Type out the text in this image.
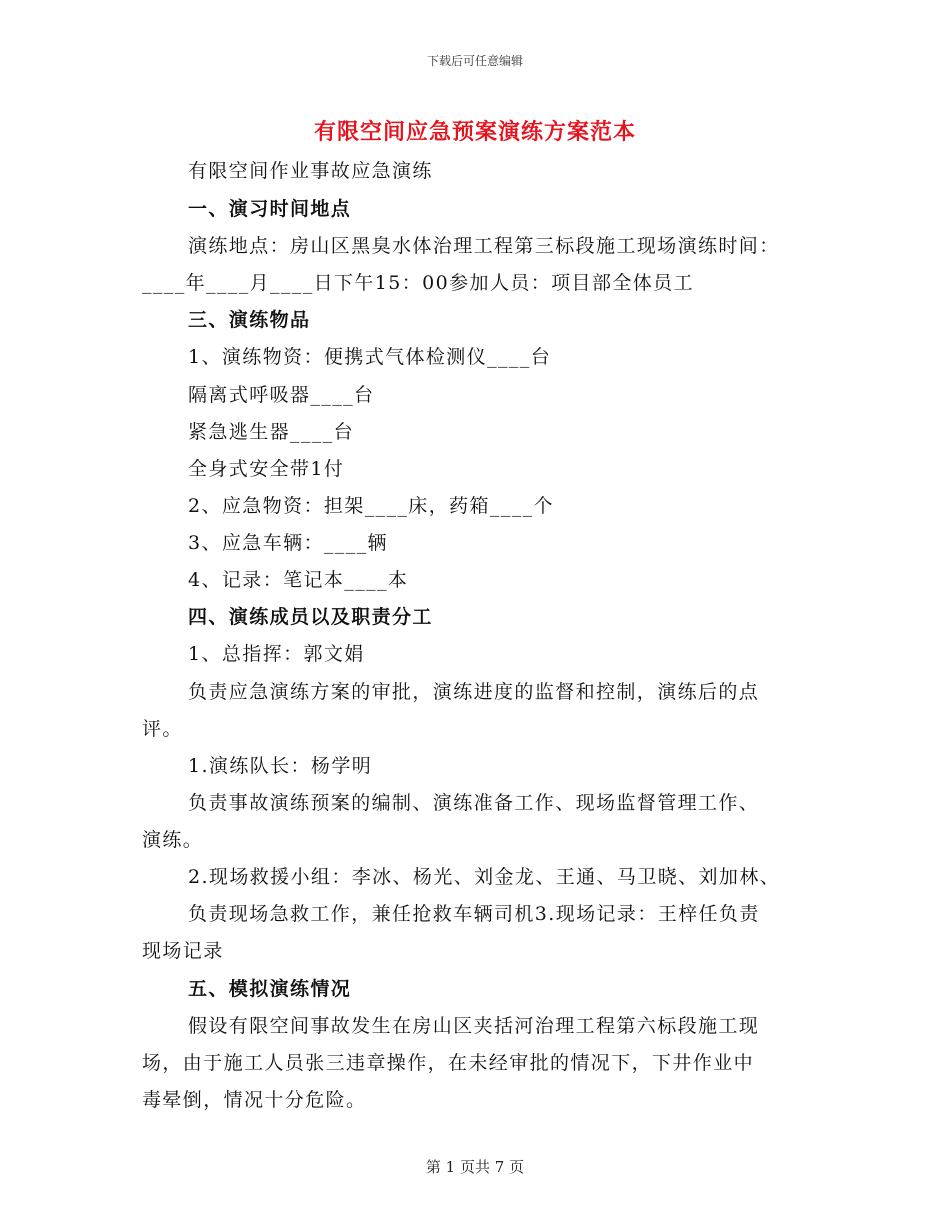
下载后可任意编辑
有限空间应急预案演练方案范本
有限空间作业事故应急演练
一、演习时间地点
演练地点：房山区黑臭水体治理工程第三标段施工现场演练时间：
____年____月____日下午15：00参加人员：项目部全体员工
三、演练物品
1、演练物资：便携式气体检测仪____台
隔离式呼吸器____台
紧急逃生器____台
全身式安全带1付
2、应急物资：担架____床，药箱____个
3、应急车辆：____辆
4、记录：笔记本____本
四、演练成员以及职责分工
1、总指挥：郭文娟
负责应急演练方案的审批，演练进度的监督和控制，演练后的点
评。
1.演练队长：杨学明
负责事故演练预案的编制、演练准备工作、现场监督管理工作、
演练。
2.现场救援小组：李冰、杨光、刘金龙、王通、马卫晓、刘加林、
负责现场急救工作，兼任抢救车辆司机3.现场记录：王梓任负责
现场记录
五、模拟演练情况
假设有限空间事故发生在房山区夹括河治理工程第六标段施工现
场，由于施工人员张三违章操作，在未经审批的情况下，下井作业中
毒晕倒，情况十分危险。
第 1 页共 7 页
